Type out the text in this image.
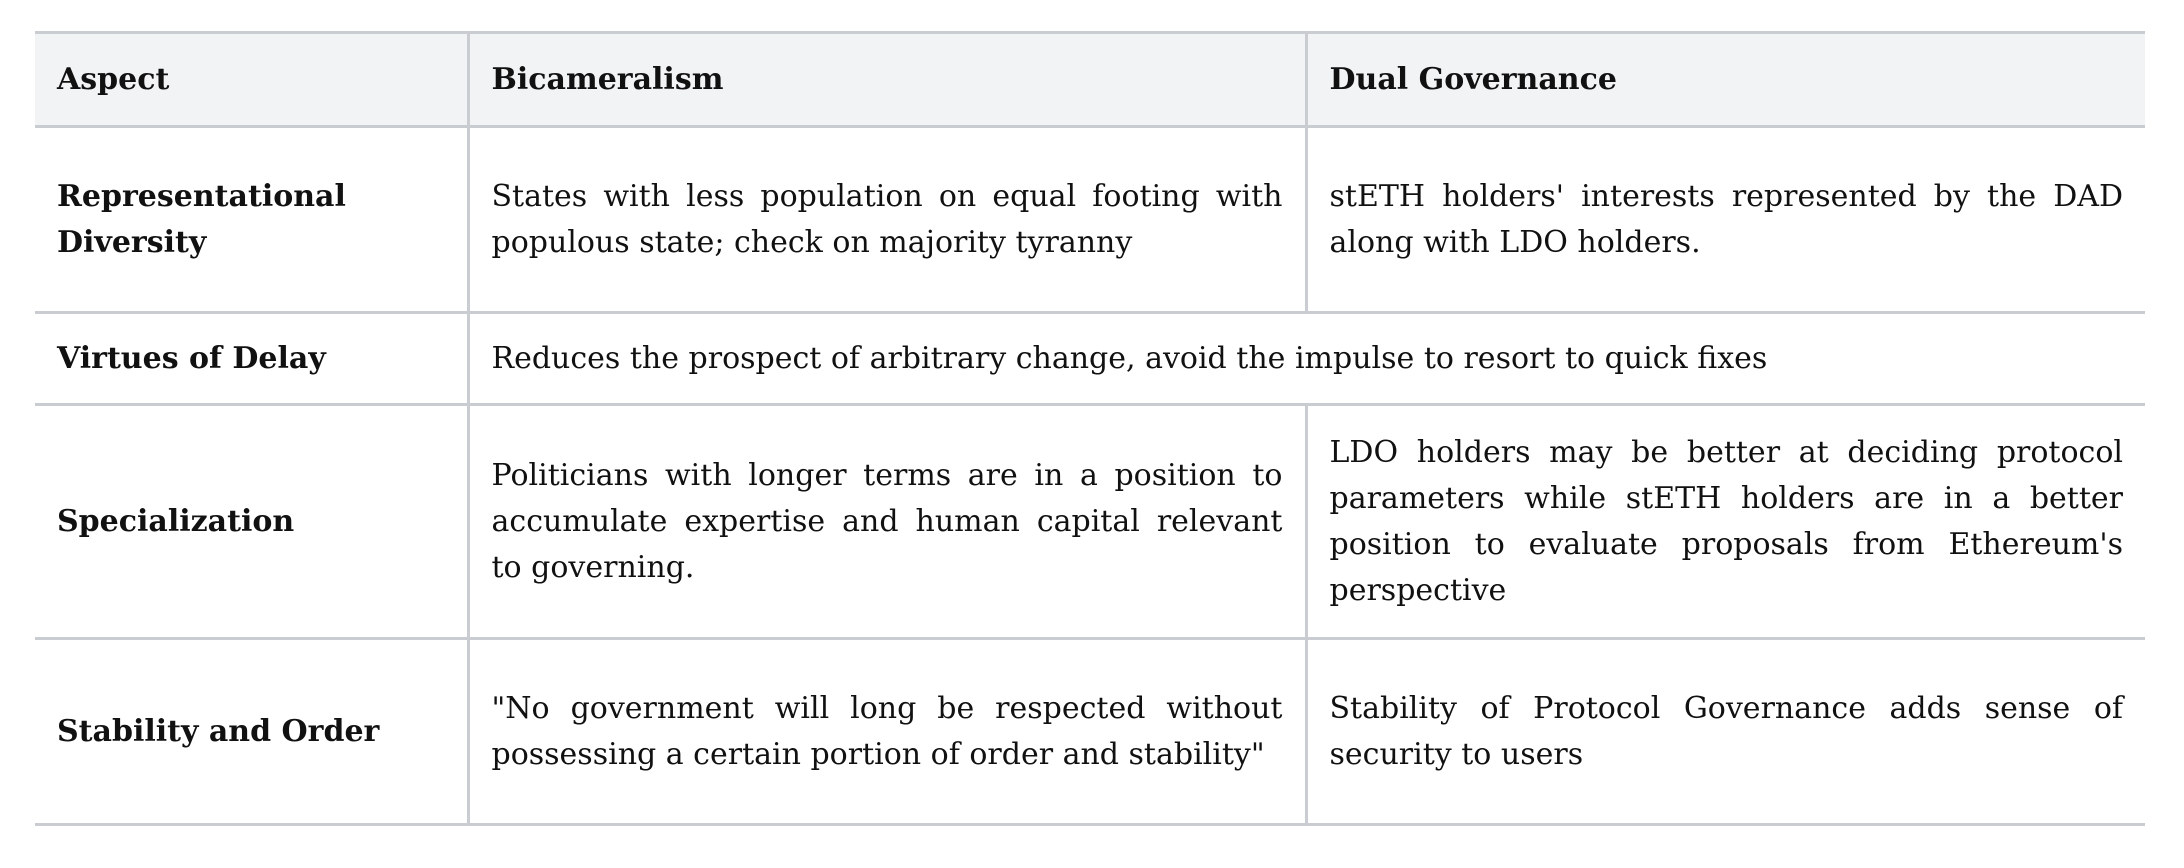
Aspect	Bicameralism	Dual Governance
Representational Diversity	States with less population on equal footing with populous state; check on majority tyranny	stETH holders' interests represented by the DAD along with LDO holders.
Virtues of Delay	Reduces the prospect of arbitrary change, avoid the impulse to resort to quick fixes	
Specialization	Politicians with longer terms are in a position to accumulate expertise and human capital relevant to governing.	LDO holders may be better at deciding protocol parameters while stETH holders are in a better position to evaluate proposals from Ethereum's perspective
Stability and Order	"No government will long be respected without possessing a certain portion of order and stability"	Stability of Protocol Governance adds sense of security to users
